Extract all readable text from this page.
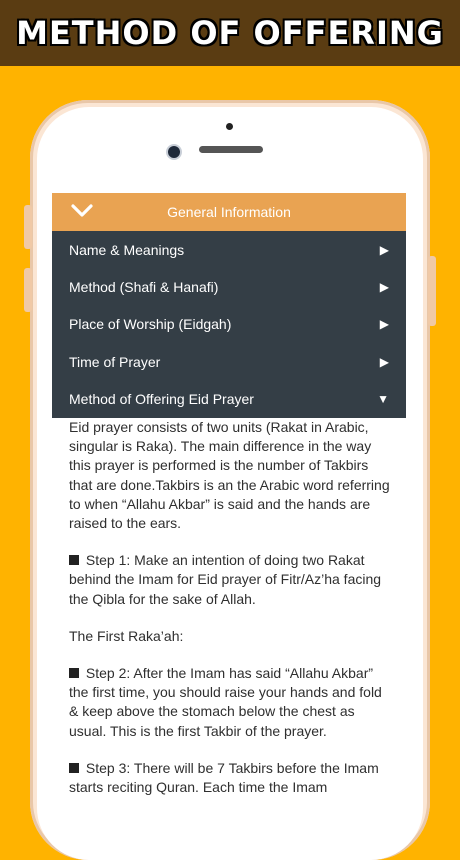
METHOD OF OFFERING
General Information
Name & Meanings	▶
Method (Shafi & Hanafi)	▶
Place of Worship (Eidgah)	▶
Time of Prayer	▶
Method of Offering Eid Prayer	▼

Eid prayer consists of two units (Rakat in Arabic, singular is Raka). The main difference in the way this prayer is performed is the number of Takbirs that are done.Takbirs is an the Arabic word referring to when “Allahu Akbar” is said and the hands are raised to the ears.

Step 1: Make an intention of doing two Rakat behind the Imam for Eid prayer of Fitr/Az’ha facing the Qibla for the sake of Allah.

The First Raka’ah:

Step 2: After the Imam has said “Allahu Akbar” the first time, you should raise your hands and fold & keep above the stomach below the chest as usual. This is the first Takbir of the prayer.

Step 3: There will be 7 Takbirs before the Imam starts reciting Quran. Each time the Imam
